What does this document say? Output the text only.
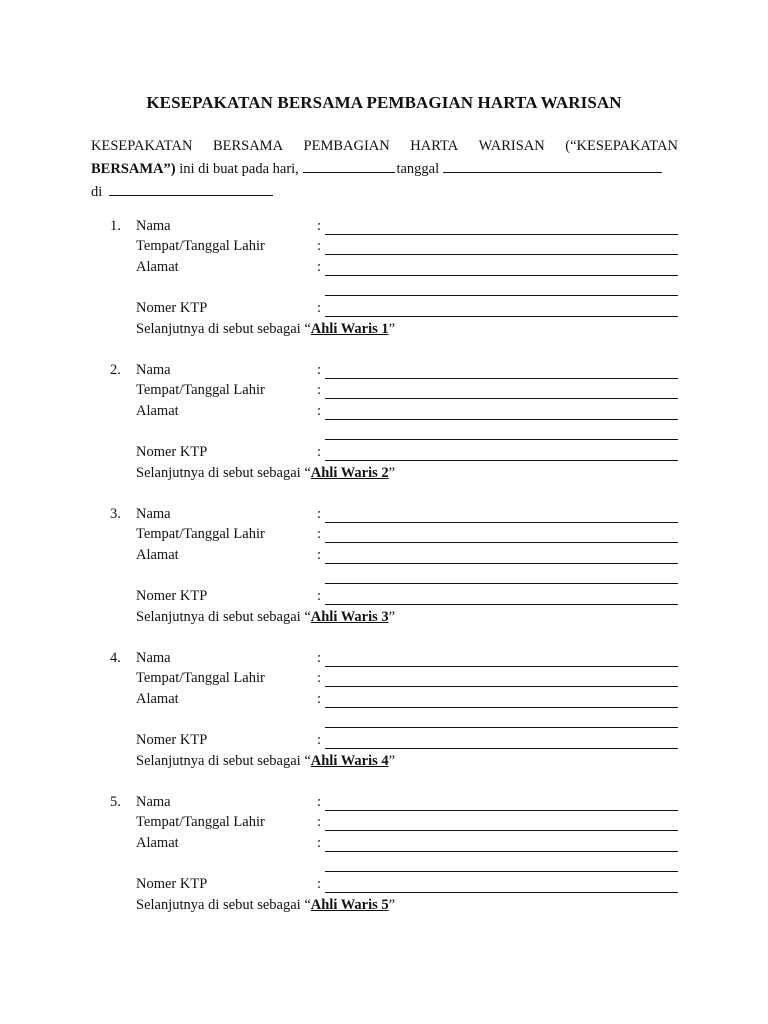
KESEPAKATAN BERSAMA PEMBAGIAN HARTA WARISAN
KESEPAKATAN BERSAMA PEMBAGIAN HARTA WARISAN (“KESEPAKATAN
BERSAMA”) ini di buat pada hari,	tanggal
di
1. Nama	:
Tempat/Tanggal Lahir	:
Alamat	:
Nomer KTP	:
Selanjutnya di sebut sebagai “Ahli Waris 1”
2. Nama	:
Tempat/Tanggal Lahir	:
Alamat	:
Nomer KTP	:
Selanjutnya di sebut sebagai “Ahli Waris 2”
3. Nama	:
Tempat/Tanggal Lahir	:
Alamat	:
Nomer KTP	:
Selanjutnya di sebut sebagai “Ahli Waris 3”
4. Nama	:
Tempat/Tanggal Lahir	:
Alamat	:
Nomer KTP	:
Selanjutnya di sebut sebagai “Ahli Waris 4”
5. Nama	:
Tempat/Tanggal Lahir	:
Alamat	:
Nomer KTP	:
Selanjutnya di sebut sebagai “Ahli Waris 5”
